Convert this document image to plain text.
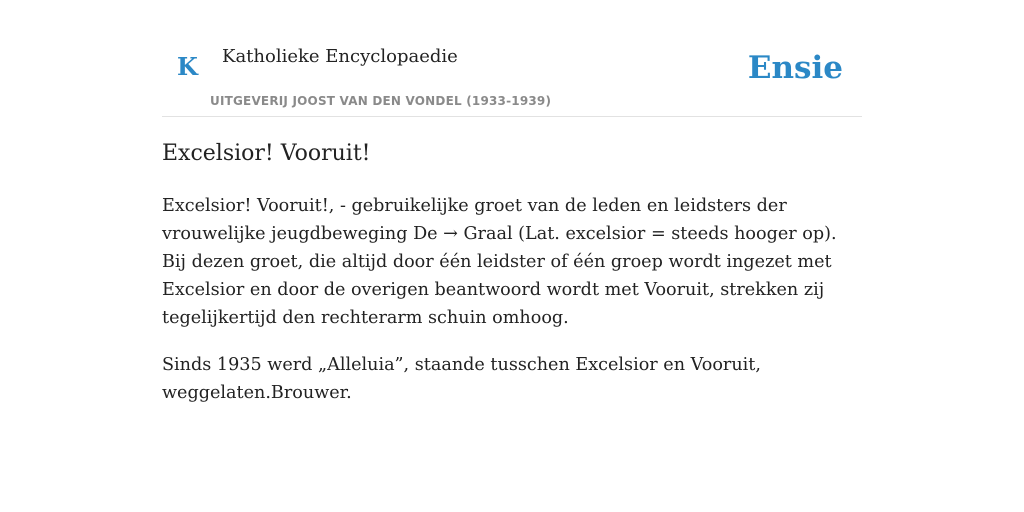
K Katholieke Encyclopaedie
UITGEVERIJ JOOST VAN DEN VONDEL (1933-1939)
Ensie
Excelsior! Vooruit!

Excelsior! Vooruit!, - gebruikelijke groet van de leden en leidsters der vrouwelijke jeugdbeweging De → Graal (Lat. excelsior = steeds hooger op). Bij dezen groet, die altijd door één leidster of één groep wordt ingezet met Excelsior en door de overigen beantwoord wordt met Vooruit, strekken zij tegelijkertijd den rechterarm schuin omhoog.

Sinds 1935 werd „Alleluia”, staande tusschen Excelsior en Vooruit, weggelaten.Brouwer.
